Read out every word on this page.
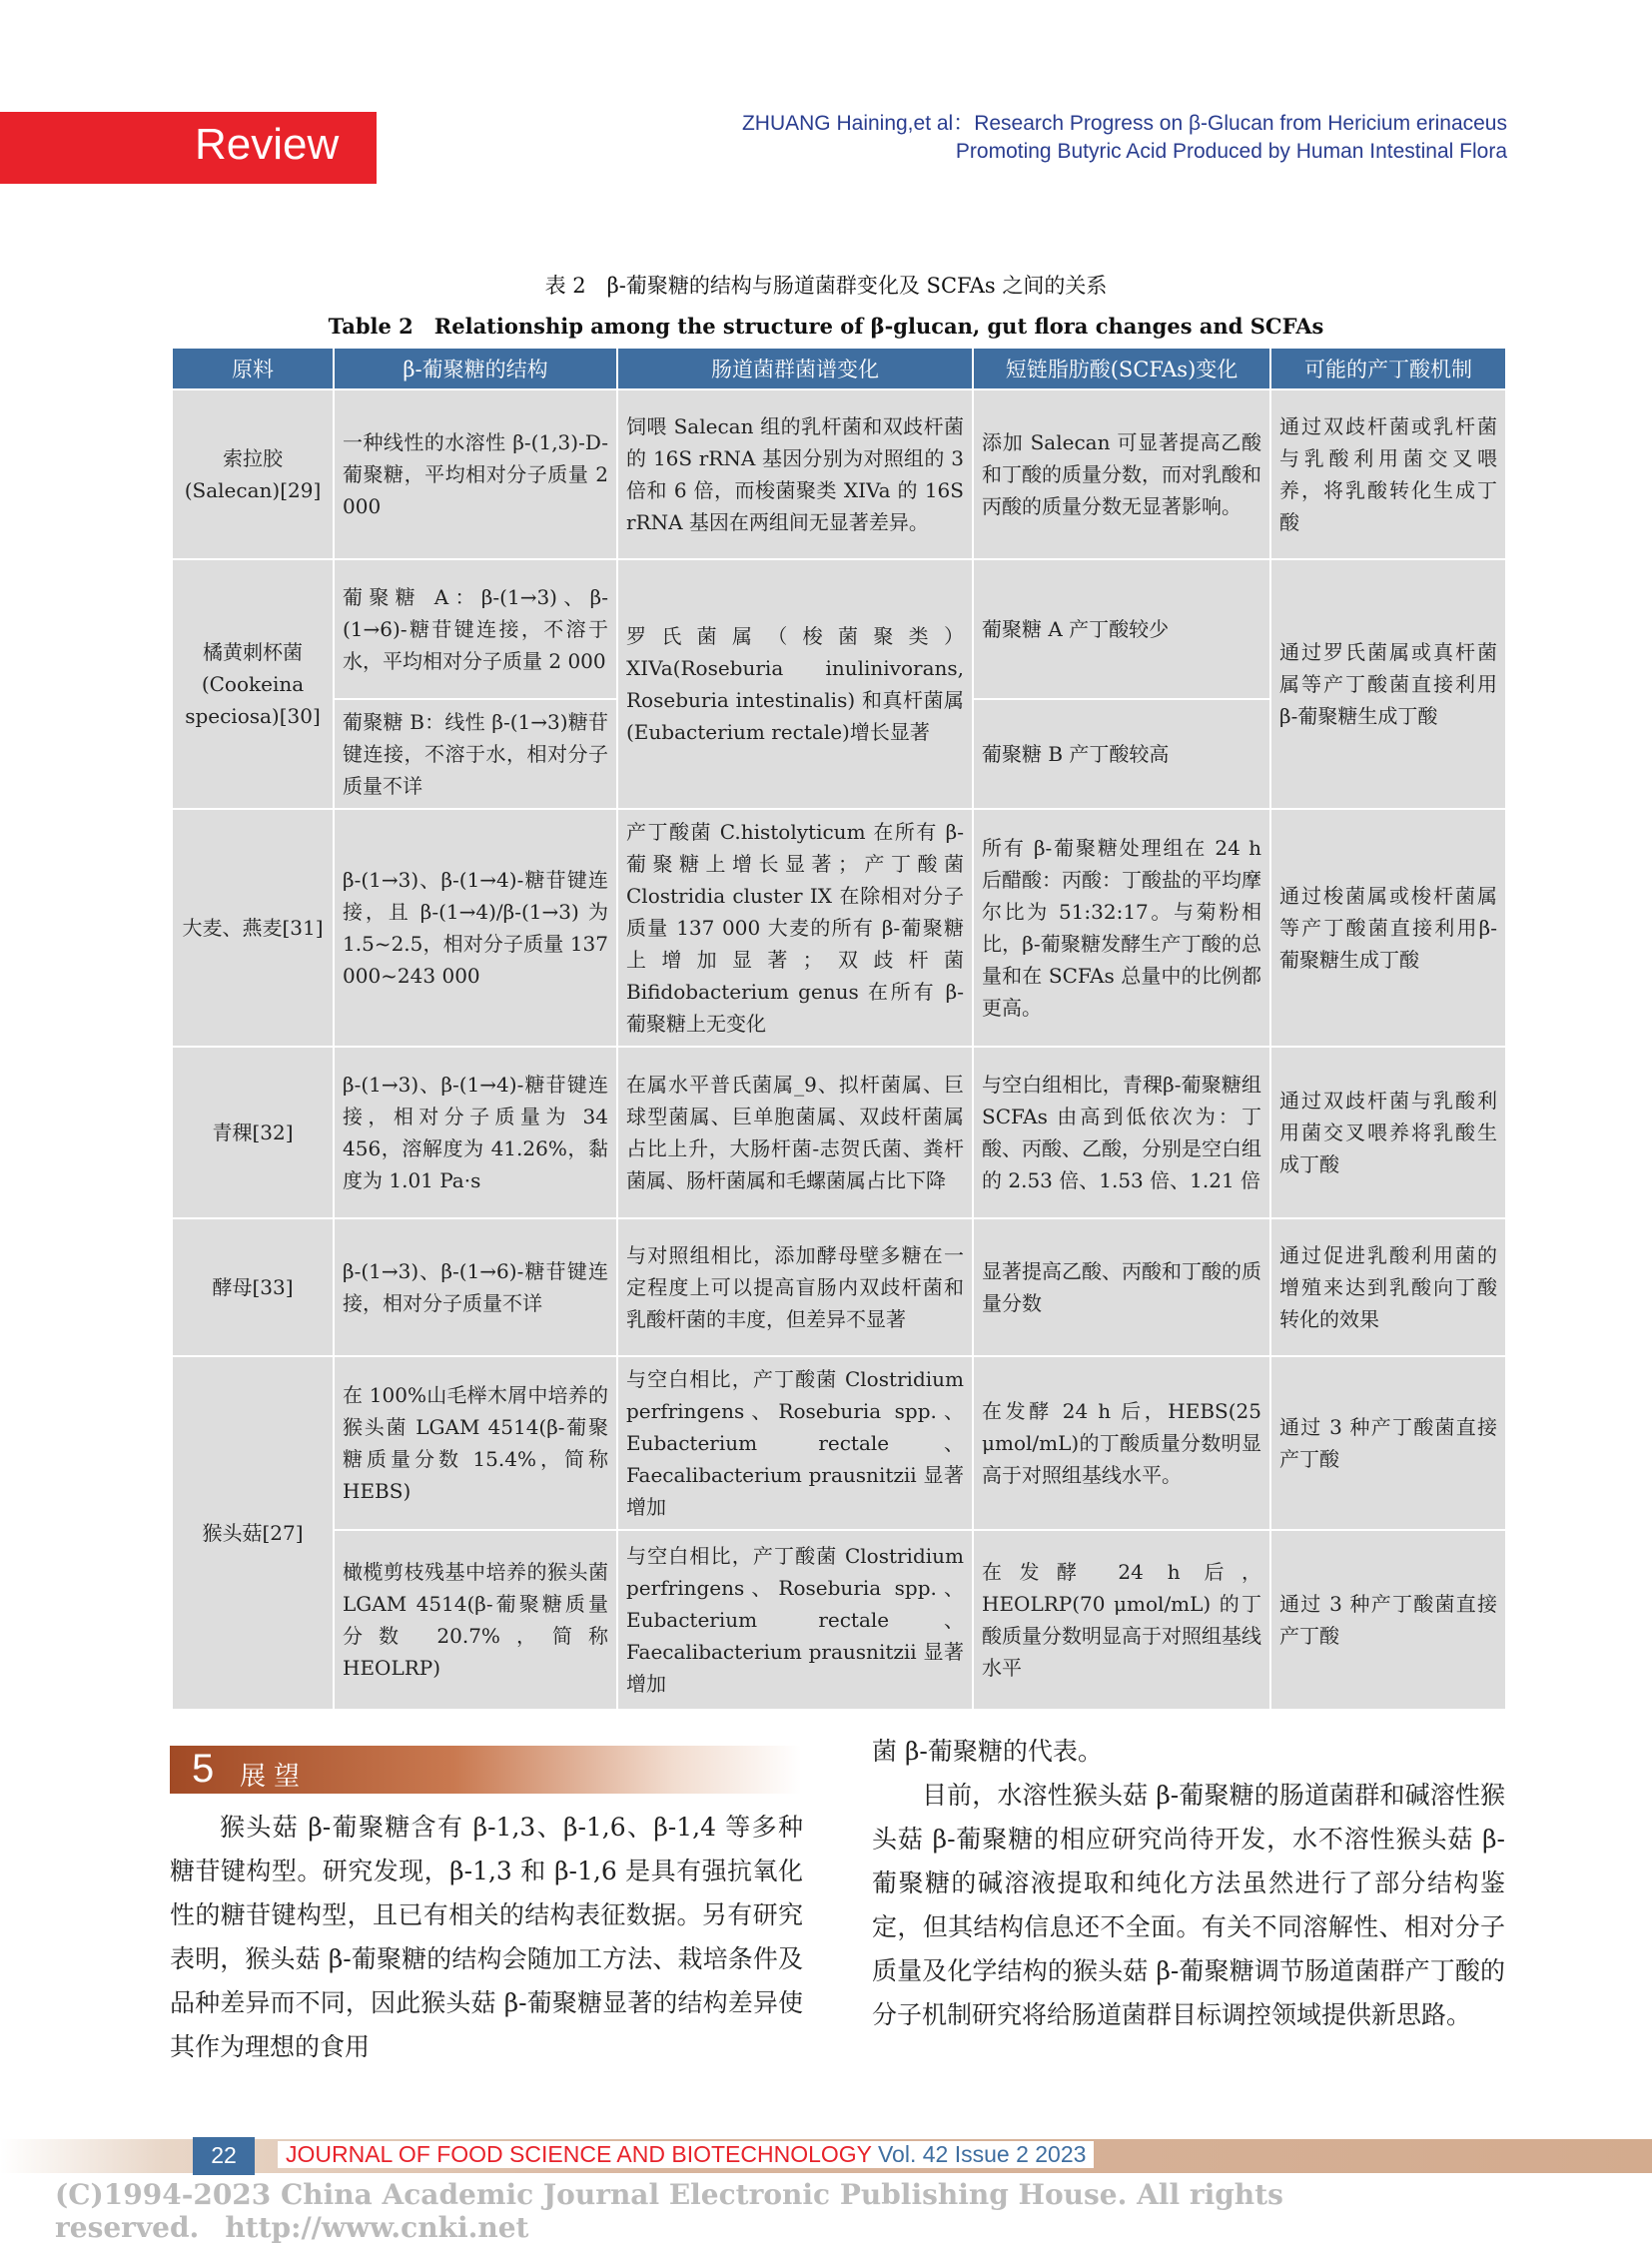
Review	ZHUANG Haining,et al：Research Progress on β-Glucan from Hericium erinaceus Promoting Butyric Acid Produced by Human Intestinal Flora
表 2　β-葡聚糖的结构与肠道菌群变化及 SCFAs 之间的关系
Table 2　Relationship among the structure of β-glucan, gut flora changes and SCFAs
原料	β-葡聚糖的结构	肠道菌群菌谱变化	短链脂肪酸(SCFAs)变化	可能的产丁酸机制
索拉胶(Salecan)[29]	一种线性的水溶性 β-(1,3)-D-葡聚糖，平均相对分子质量 2 000	饲喂 Salecan 组的乳杆菌和双歧杆菌的 16S rRNA 基因分别为对照组的 3 倍和 6 倍，而梭菌聚类 XIVa 的 16S rRNA 基因在两组间无显著差异。	添加 Salecan 可显著提高乙酸和丁酸的质量分数，而对乳酸和丙酸的质量分数无显著影响。	通过双歧杆菌或乳杆菌与乳酸利用菌交叉喂养，将乳酸转化生成丁酸
橘黄刺杯菌(Cookeina speciosa)[30]	葡聚糖 A：β-(1→3)、β-(1→6)-糖苷键连接，不溶于水，平均相对分子质量 2 000	罗氏菌属（梭菌聚类）XIVa(Roseburia inulinivorans, Roseburia intestinalis) 和真杆菌属(Eubacterium rectale)增长显著	葡聚糖 A 产丁酸较少	通过罗氏菌属或真杆菌属等产丁酸菌直接利用β-葡聚糖生成丁酸
	葡聚糖 B：线性 β-(1→3)糖苷键连接，不溶于水，相对分子质量不详		葡聚糖 B 产丁酸较高	
大麦、燕麦[31]	β-(1→3)、β-(1→4)-糖苷键连接，且 β-(1→4)/β-(1→3) 为 1.5~2.5，相对分子质量 137 000~243 000	产丁酸菌 C.histolyticum 在所有 β-葡聚糖上增长显著；产丁酸菌 Clostridia cluster IX 在除相对分子质量 137 000 大麦的所有 β-葡聚糖上增加显著；双歧杆菌 Bifidobacterium genus 在所有 β-葡聚糖上无变化	所有 β-葡聚糖处理组在 24 h 后醋酸：丙酸：丁酸盐的平均摩尔比为 51:32:17。与菊粉相比，β-葡聚糖发酵生产丁酸的总量和在 SCFAs 总量中的比例都更高。	通过梭菌属或梭杆菌属等产丁酸菌直接利用β-葡聚糖生成丁酸
青稞[32]	β-(1→3)、β-(1→4)-糖苷键连接，相对分子质量为 34 456，溶解度为 41.26%，黏度为 1.01 Pa·s	在属水平普氏菌属_9、拟杆菌属、巨球型菌属、巨单胞菌属、双歧杆菌属占比上升，大肠杆菌-志贺氏菌、粪杆菌属、肠杆菌属和毛螺菌属占比下降	与空白组相比，青稞β-葡聚糖组 SCFAs 由高到低依次为：丁酸、丙酸、乙酸，分别是空白组的 2.53 倍、1.53 倍、1.21 倍	通过双歧杆菌与乳酸利用菌交叉喂养将乳酸生成丁酸
酵母[33]	β-(1→3)、β-(1→6)-糖苷键连接，相对分子质量不详	与对照组相比，添加酵母壁多糖在一定程度上可以提高盲肠内双歧杆菌和乳酸杆菌的丰度，但差异不显著	显著提高乙酸、丙酸和丁酸的质量分数	通过促进乳酸利用菌的增殖来达到乳酸向丁酸转化的效果
猴头菇[27]	在 100%山毛榉木屑中培养的猴头菌 LGAM 4514(β-葡聚糖质量分数 15.4%，简称 HEBS)	与空白相比，产丁酸菌 Clostridium perfringens、Roseburia spp.、Eubacterium rectale、Faecalibacterium prausnitzii 显著增加	在发酵 24 h 后，HEBS(25 μmol/mL)的丁酸质量分数明显高于对照组基线水平。	通过 3 种产丁酸菌直接产丁酸
	橄榄剪枝残基中培养的猴头菌 LGAM 4514(β-葡聚糖质量分数 20.7%，简称 HEOLRP)	与空白相比，产丁酸菌 Clostridium perfringens、Roseburia spp.、Eubacterium rectale、Faecalibacterium prausnitzii 显著增加	在发酵 24 h 后，HEOLRP(70 μmol/mL) 的丁酸质量分数明显高于对照组基线水平	通过 3 种产丁酸菌直接产丁酸
5 展望

猴头菇 β-葡聚糖含有 β-1,3、β-1,6、β-1,4 等多种糖苷键构型。研究发现，β-1,3 和 β-1,6 是具有强抗氧化性的糖苷键构型，且已有相关的结构表征数据。另有研究表明，猴头菇 β-葡聚糖的结构会随加工方法、栽培条件及品种差异而不同，因此猴头菇 β-葡聚糖显著的结构差异使其作为理想的食用

菌 β-葡聚糖的代表。

目前，水溶性猴头菇 β-葡聚糖的肠道菌群和碱溶性猴头菇 β-葡聚糖的相应研究尚待开发，水不溶性猴头菇 β-葡聚糖的碱溶液提取和纯化方法虽然进行了部分结构鉴定，但其结构信息还不全面。有关不同溶解性、相对分子质量及化学结构的猴头菇 β-葡聚糖调节肠道菌群产丁酸的分子机制研究将给肠道菌群目标调控领域提供新思路。

22	JOURNAL OF FOOD SCIENCE AND BIOTECHNOLOGY Vol. 42 Issue 2 2023
(C)1994-2023 China Academic Journal Electronic Publishing House. All rights reserved. http://www.cnki.net
